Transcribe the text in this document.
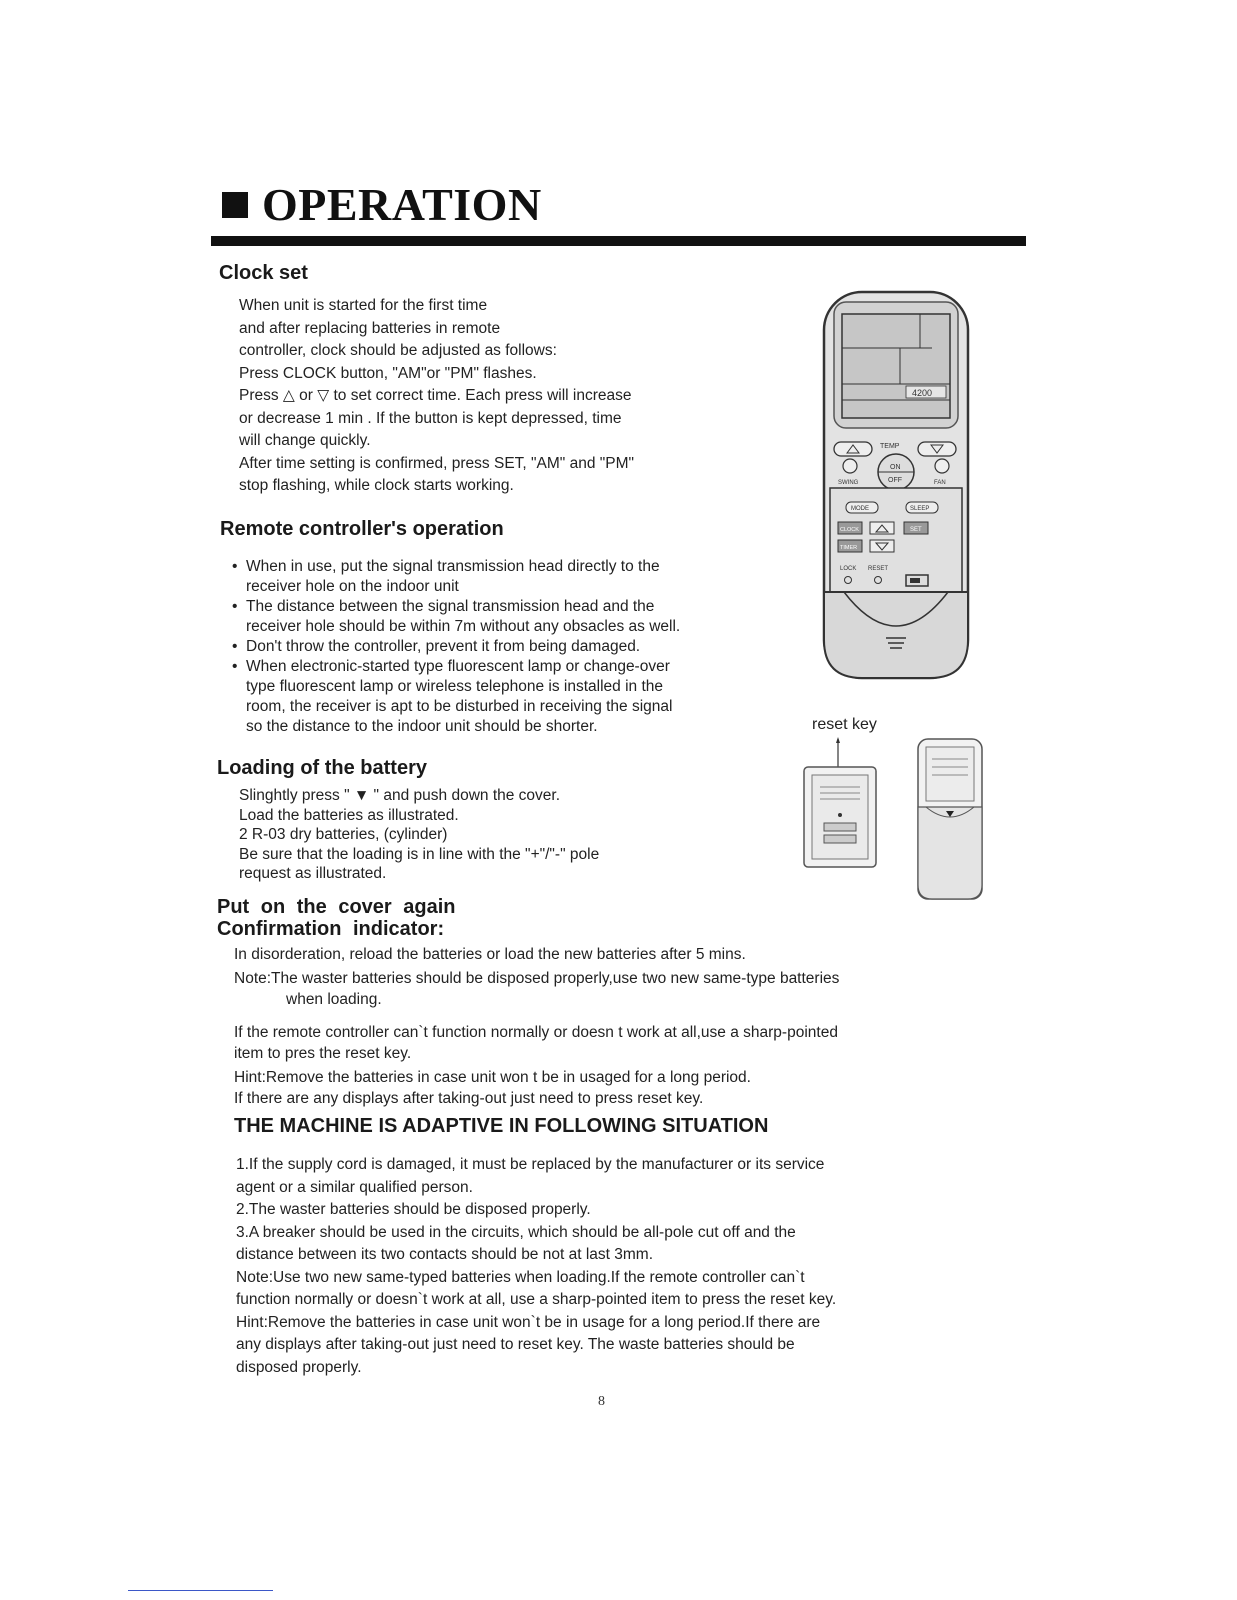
OPERATION
Clock set
When unit is started for the first time
and after replacing batteries in remote
controller, clock should be adjusted as follows:
Press CLOCK button, "AM"or "PM" flashes.
Press △ or ▽ to set correct time. Each press will increase
or decrease 1 min . If the button is kept depressed, time
will change quickly.
After time setting is confirmed, press SET, "AM" and "PM"
stop flashing, while clock starts working.
Remote controller's operation
• When in use, put the signal transmission head directly to the
receiver hole on the indoor unit
• The distance between the signal transmission head and the
receiver hole should be within 7m without any obsacles as well.
• Don't throw the controller, prevent it from being damaged.
• When electronic-started type fluorescent lamp or change-over
type fluorescent lamp or wireless telephone is installed in the
room, the receiver is apt to be disturbed in receiving the signal
so the distance to the indoor unit should be shorter.
Loading of the battery
Slinghtly press " ▼ " and push down the cover.
Load the batteries as illustrated.
2 R-03 dry batteries, (cylinder)
Be sure that the loading is in line with the "+"/"-" pole
request as illustrated.
Put on the cover again
Confirmation indicator:
In disorderation, reload the batteries or load the new batteries after 5 mins.
Note:The waster batteries should be disposed properly,use two new same-type batteries
when loading.
If the remote controller can`t function normally or doesn t work at all,use a sharp-pointed
item to pres the reset key.
Hint:Remove the batteries in case unit won t be in usaged for a long period.
If there are any displays after taking-out just need to press reset key.
THE MACHINE IS ADAPTIVE IN FOLLOWING SITUATION
1.If the supply cord is damaged, it must be replaced by the manufacturer or its service
agent or a similar qualified person.
2.The waster batteries should be disposed properly.
3.A breaker should be used in the circuits, which should be all-pole cut off and the
distance between its two contacts should be not at last 3mm.
Note:Use two new same-typed batteries when loading.If the remote controller can`t
function normally or doesn`t work at all, use a sharp-pointed item to press the reset key.
Hint:Remove the batteries in case unit won`t be in usage for a long period.If there are
any displays after taking-out just need to reset key. The waste batteries should be
disposed properly.
4200
TEMP
ON
OFF
SWING	FAN
MODE	SLEEP
CLOCK	SET
TIMER
LOCK RESET
reset key
8
